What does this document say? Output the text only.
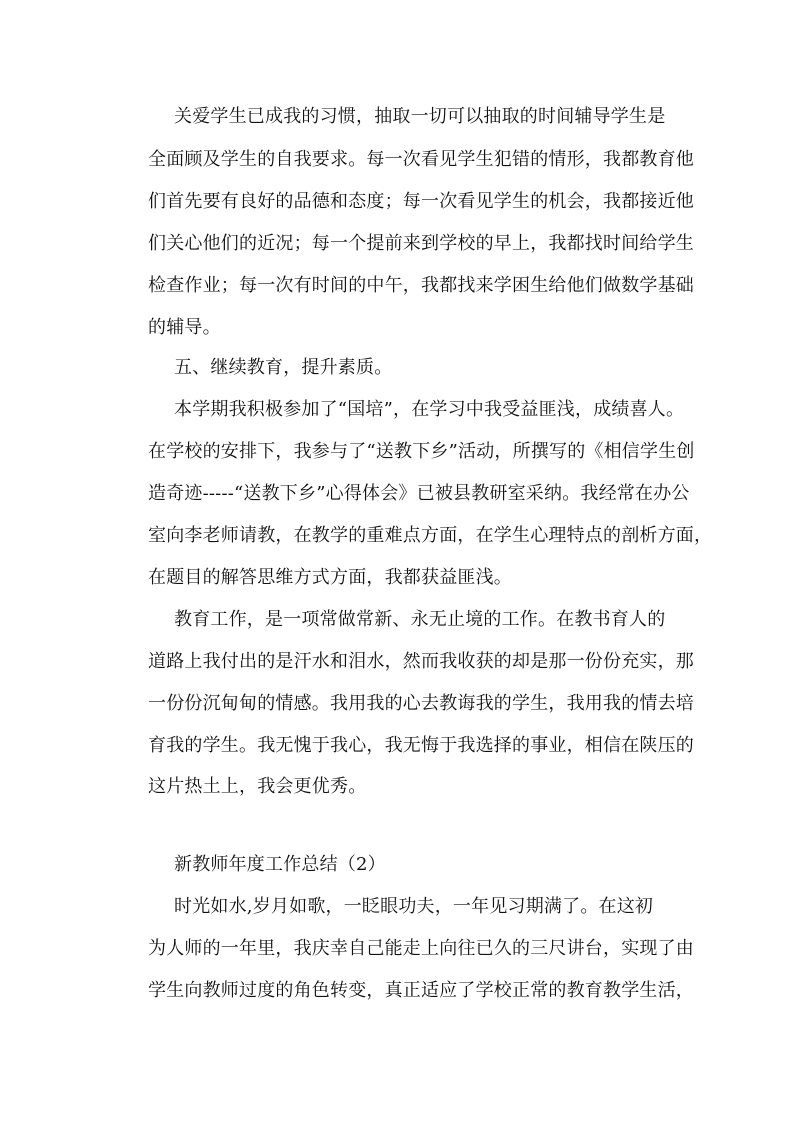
关爱学生已成我的习惯，抽取一切可以抽取的时间辅导学生是
全面顾及学生的自我要求。每一次看见学生犯错的情形，我都教育他
们首先要有良好的品德和态度；每一次看见学生的机会，我都接近他
们关心他们的近况；每一个提前来到学校的早上，我都找时间给学生
检查作业；每一次有时间的中午，我都找来学困生给他们做数学基础
的辅导。
五、继续教育，提升素质。
本学期我积极参加了“国培”，在学习中我受益匪浅，成绩喜人。
在学校的安排下，我参与了“送教下乡”活动，所撰写的《相信学生创
造奇迹-----“送教下乡”心得体会》已被县教研室采纳。我经常在办公
室向李老师请教，在教学的重难点方面，在学生心理特点的剖析方面，
在题目的解答思维方式方面，我都获益匪浅。
教育工作，是一项常做常新、永无止境的工作。在教书育人的
道路上我付出的是汗水和泪水，然而我收获的却是那一份份充实，那
一份份沉甸甸的情感。我用我的心去教诲我的学生，我用我的情去培
育我的学生。我无愧于我心，我无悔于我选择的事业，相信在陕压的
这片热土上，我会更优秀。
新教师年度工作总结（2）
时光如水,岁月如歌，一眨眼功夫，一年见习期满了。在这初
为人师的一年里，我庆幸自己能走上向往已久的三尺讲台，实现了由
学生向教师过度的角色转变，真正适应了学校正常的教育教学生活，
